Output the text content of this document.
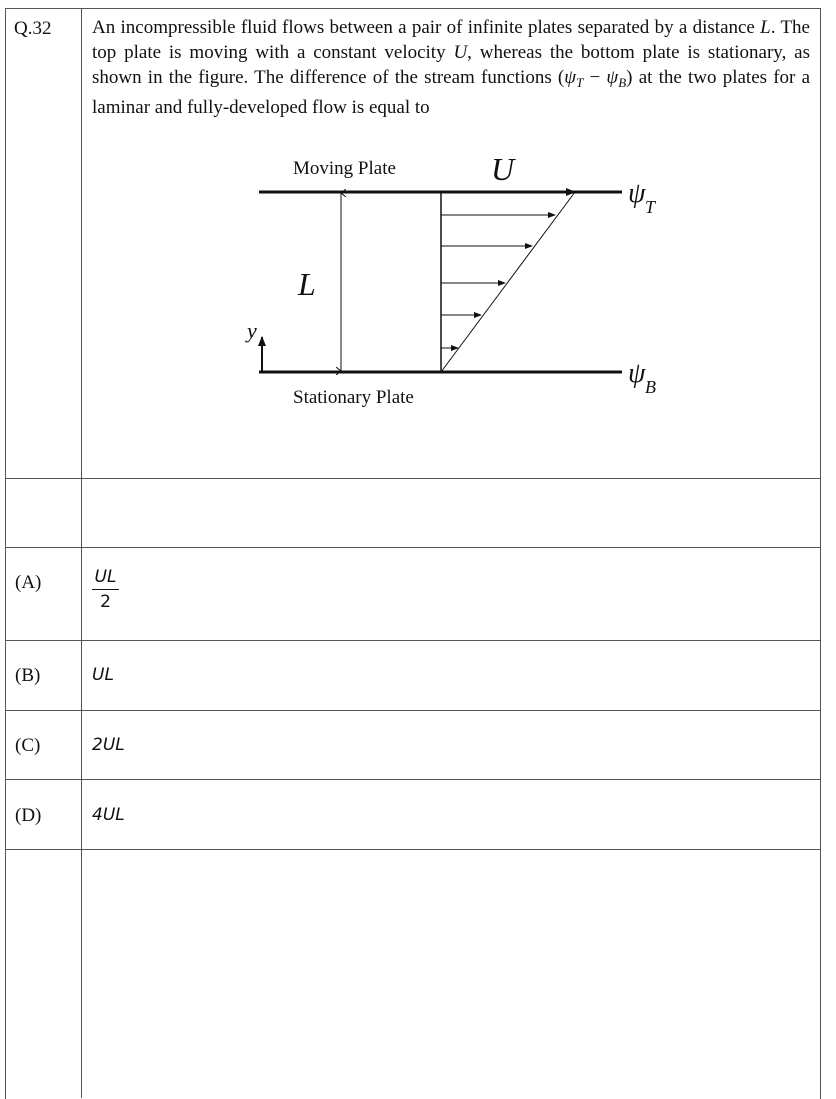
Q.32 An incompressible fluid flows between a pair of infinite plates separated by a distance L. The top plate is moving with a constant velocity U, whereas the bottom plate is stationary, as shown in the figure. The difference of the stream functions $(\psi_T - \psi_B)$ at the two plates for a laminar and fully-developed flow is equal to
Moving Plate	U
ψ T
L
y
ψ B
Stationary Plate
(A)	$\frac{UL}{2}$
(B)	UL
(C)	2UL
(D)	4UL
